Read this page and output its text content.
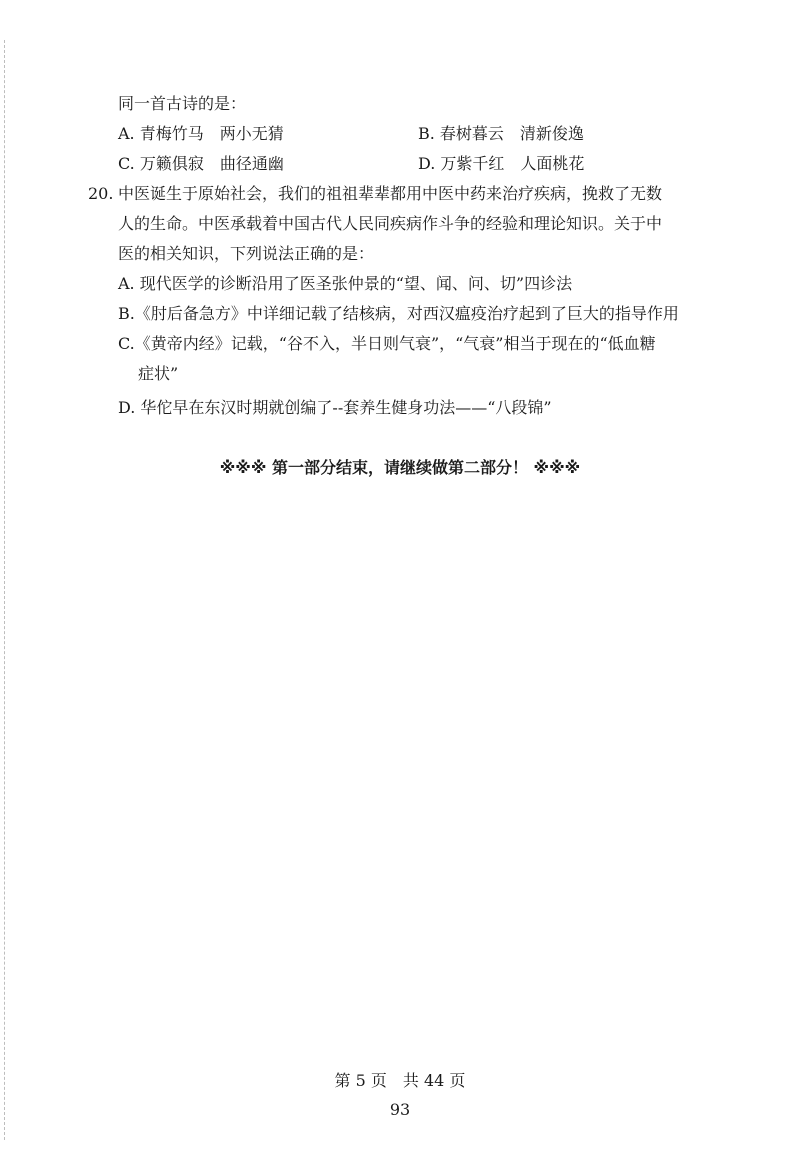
同一首古诗的是：
A. 青梅竹马　两小无猜	B. 春树暮云　清新俊逸
C. 万籁俱寂　曲径通幽	D. 万紫千红　人面桃花
20. 中医诞生于原始社会，我们的祖祖辈辈都用中医中药来治疗疾病，挽救了无数
人的生命。中医承载着中国古代人民同疾病作斗争的经验和理论知识。关于中
医的相关知识，下列说法正确的是：
A. 现代医学的诊断沿用了医圣张仲景的“望、闻、问、切”四诊法
B.《肘后备急方》中详细记载了结核病，对西汉瘟疫治疗起到了巨大的指导作用
C.《黄帝内经》记载，“谷不入，半日则气衰”，“气衰”相当于现在的“低血糖
症状”
D. 华佗早在东汉时期就创编了--套养生健身功法——“八段锦”
※※※ 第一部分结束，请继续做第二部分！ ※※※
第 5 页　共 44 页
93
